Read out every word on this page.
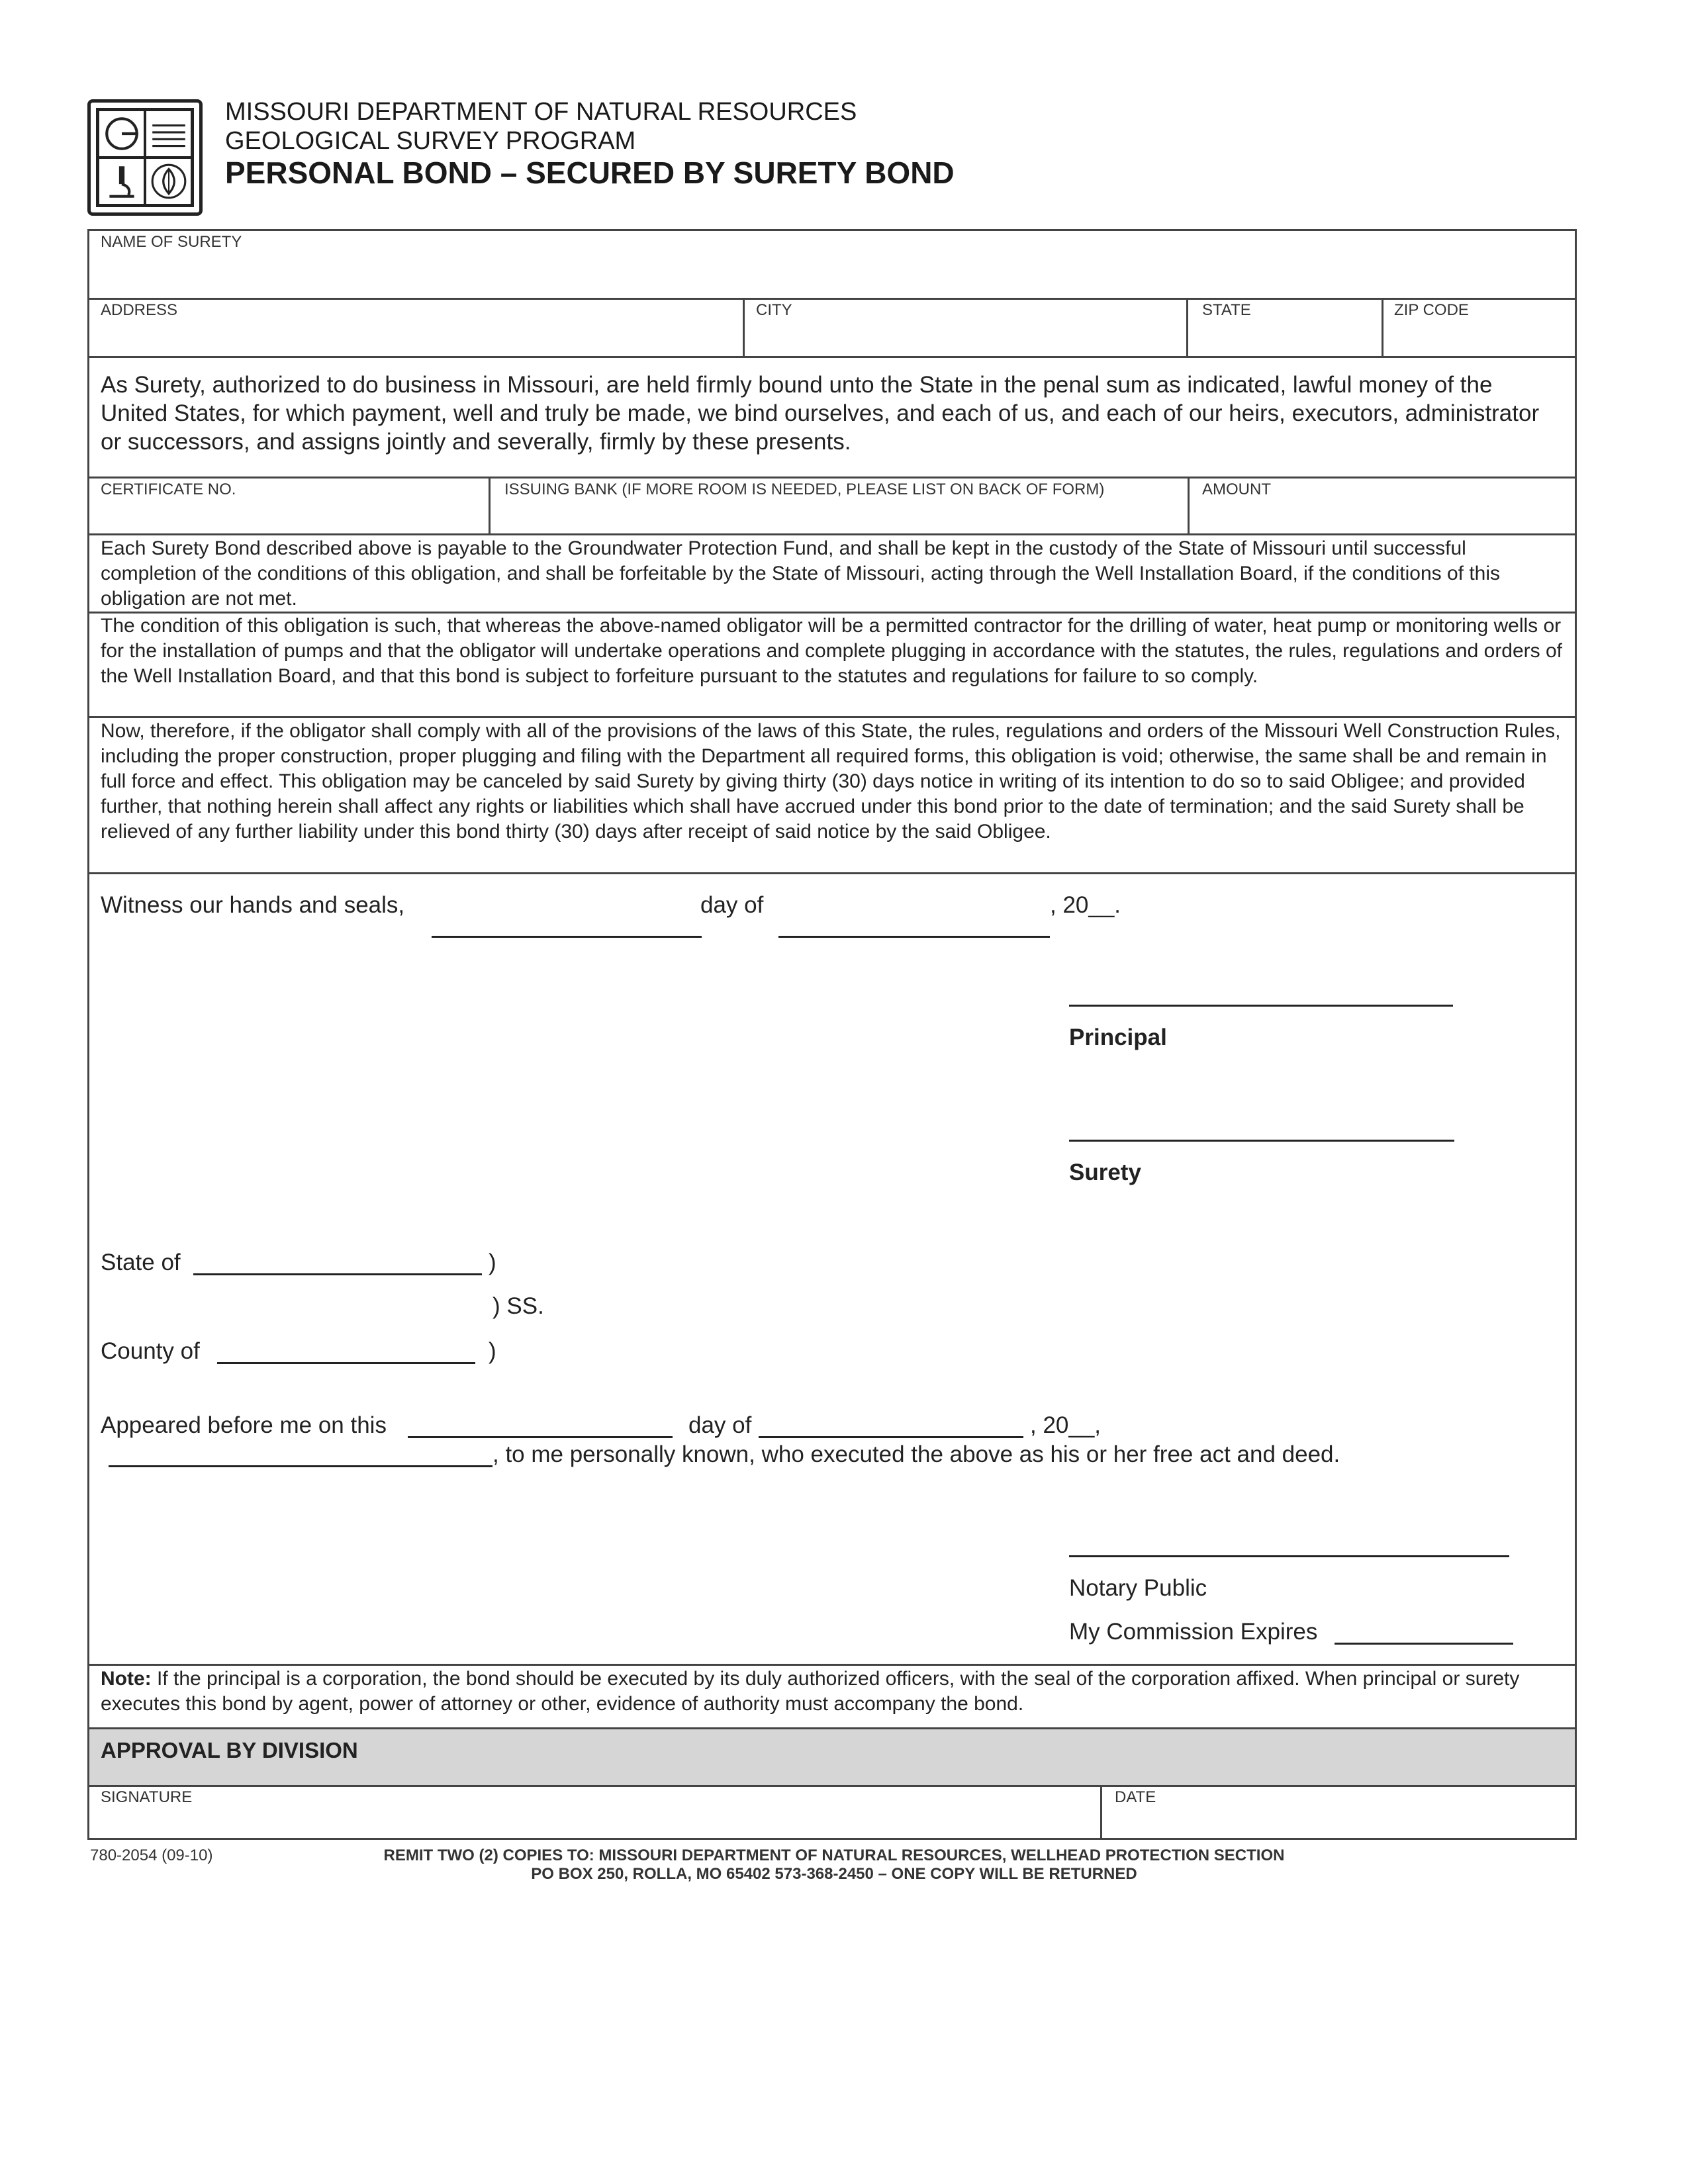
MISSOURI DEPARTMENT OF NATURAL RESOURCES
GEOLOGICAL SURVEY PROGRAM
PERSONAL BOND – SECURED BY SURETY BOND
NAME OF SURETY
ADDRESS	CITY	STATE	ZIP CODE
As Surety, authorized to do business in Missouri, are held firmly bound unto the State in the penal sum as indicated, lawful money of the United States, for which payment, well and truly be made, we bind ourselves, and each of us, and each of our heirs, executors, administrator or successors, and assigns jointly and severally, firmly by these presents.
CERTIFICATE NO.	ISSUING BANK (IF MORE ROOM IS NEEDED, PLEASE LIST ON BACK OF FORM)	AMOUNT
Each Surety Bond described above is payable to the Groundwater Protection Fund, and shall be kept in the custody of the State of Missouri until successful completion of the conditions of this obligation, and shall be forfeitable by the State of Missouri, acting through the Well Installation Board, if the conditions of this obligation are not met.
The condition of this obligation is such, that whereas the above-named obligator will be a permitted contractor for the drilling of water, heat pump or monitoring wells or for the installation of pumps and that the obligator will undertake operations and complete plugging in accordance with the statutes, the rules, regulations and orders of the Well Installation Board, and that this bond is subject to forfeiture pursuant to the statutes and regulations for failure to so comply.
Now, therefore, if the obligator shall comply with all of the provisions of the laws of this State, the rules, regulations and orders of the Missouri Well Construction Rules, including the proper construction, proper plugging and filing with the Department all required forms, this obligation is void; otherwise, the same shall be and remain in full force and effect. This obligation may be canceled by said Surety by giving thirty (30) days notice in writing of its intention to do so to said Obligee; and provided further, that nothing herein shall affect any rights or liabilities which shall have accrued under this bond prior to the date of termination; and the said Surety shall be relieved of any further liability under this bond thirty (30) days after receipt of said notice by the said Obligee.
Witness our hands and seals,	day of	, 20__.
Principal
Surety
State of	)
) SS.
County of	)
Appeared before me on this	day of	, 20__,
, to me personally known, who executed the above as his or her free act and deed.
Notary Public
My Commission Expires
Note: If the principal is a corporation, the bond should be executed by its duly authorized officers, with the seal of the corporation affixed. When principal or surety executes this bond by agent, power of attorney or other, evidence of authority must accompany the bond.
APPROVAL BY DIVISION
SIGNATURE	DATE
780-2054 (09-10)	REMIT TWO (2) COPIES TO: MISSOURI DEPARTMENT OF NATURAL RESOURCES, WELLHEAD PROTECTION SECTION
PO BOX 250, ROLLA, MO 65402 573-368-2450 – ONE COPY WILL BE RETURNED
